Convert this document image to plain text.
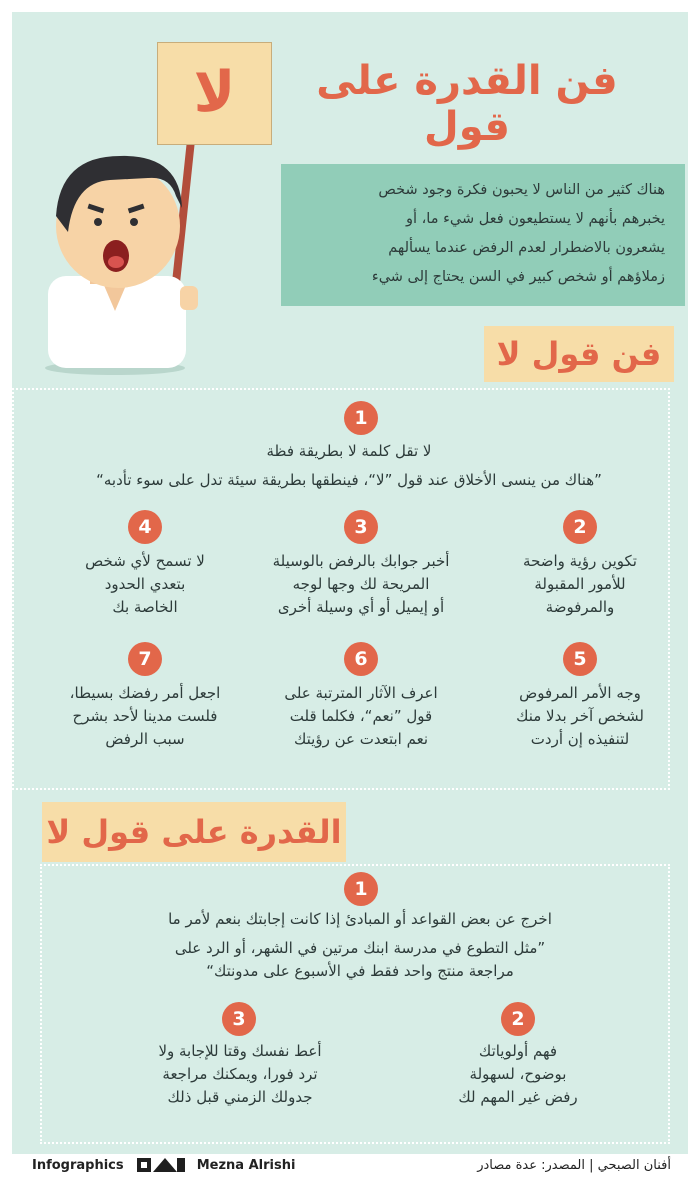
لا	فن القدرة على قول
هناك كثير من الناس لا يحبون فكرة وجود شخص
يخبرهم بأنهم لا يستطيعون فعل شيء ما، أو
يشعرون بالاضطرار لعدم الرفض عندما يسألهم
زملاؤهم أو شخص كبير في السن يحتاج إلى شيء
فن قول لا
1
لا تقل كلمة لا بطريقة فظة
”هناك من ينسى الأخلاق عند قول ”لا“، فينطقها بطريقة سيئة تدل على سوء تأدبه“
2
تكوين رؤية واضحة
للأمور المقبولة
والمرفوضة
3
أخبر جوابك بالرفض بالوسيلة
المريحة لك وجها لوجه
أو إيميل أو أي وسيلة أخرى
4
لا تسمح لأي شخص
بتعدي الحدود
الخاصة بك
5
وجه الأمر المرفوض
لشخص آخر بدلا منك
لتنفيذه إن أردت
6
اعرف الآثار المترتبة على
قول ”نعم“، فكلما قلت
نعم ابتعدت عن رؤيتك
7
اجعل أمر رفضك بسيطا،
فلست مدينا لأحد بشرح
سبب الرفض
القدرة على قول لا
1
اخرج عن بعض القواعد أو المبادئ إذا كانت إجابتك بنعم لأمر ما
”مثل التطوع في مدرسة ابنك مرتين في الشهر، أو الرد على
مراجعة منتج واحد فقط في الأسبوع على مدونتك“
2
فهم أولوياتك
بوضوح، لسهولة
رفض غير المهم لك
3
أعط نفسك وقتا للإجابة ولا
ترد فورا، ويمكنك مراجعة
جدولك الزمني قبل ذلك
Infographics	Mezna Alrishi	أفنان الصبحي | المصدر: عدة مصادر
